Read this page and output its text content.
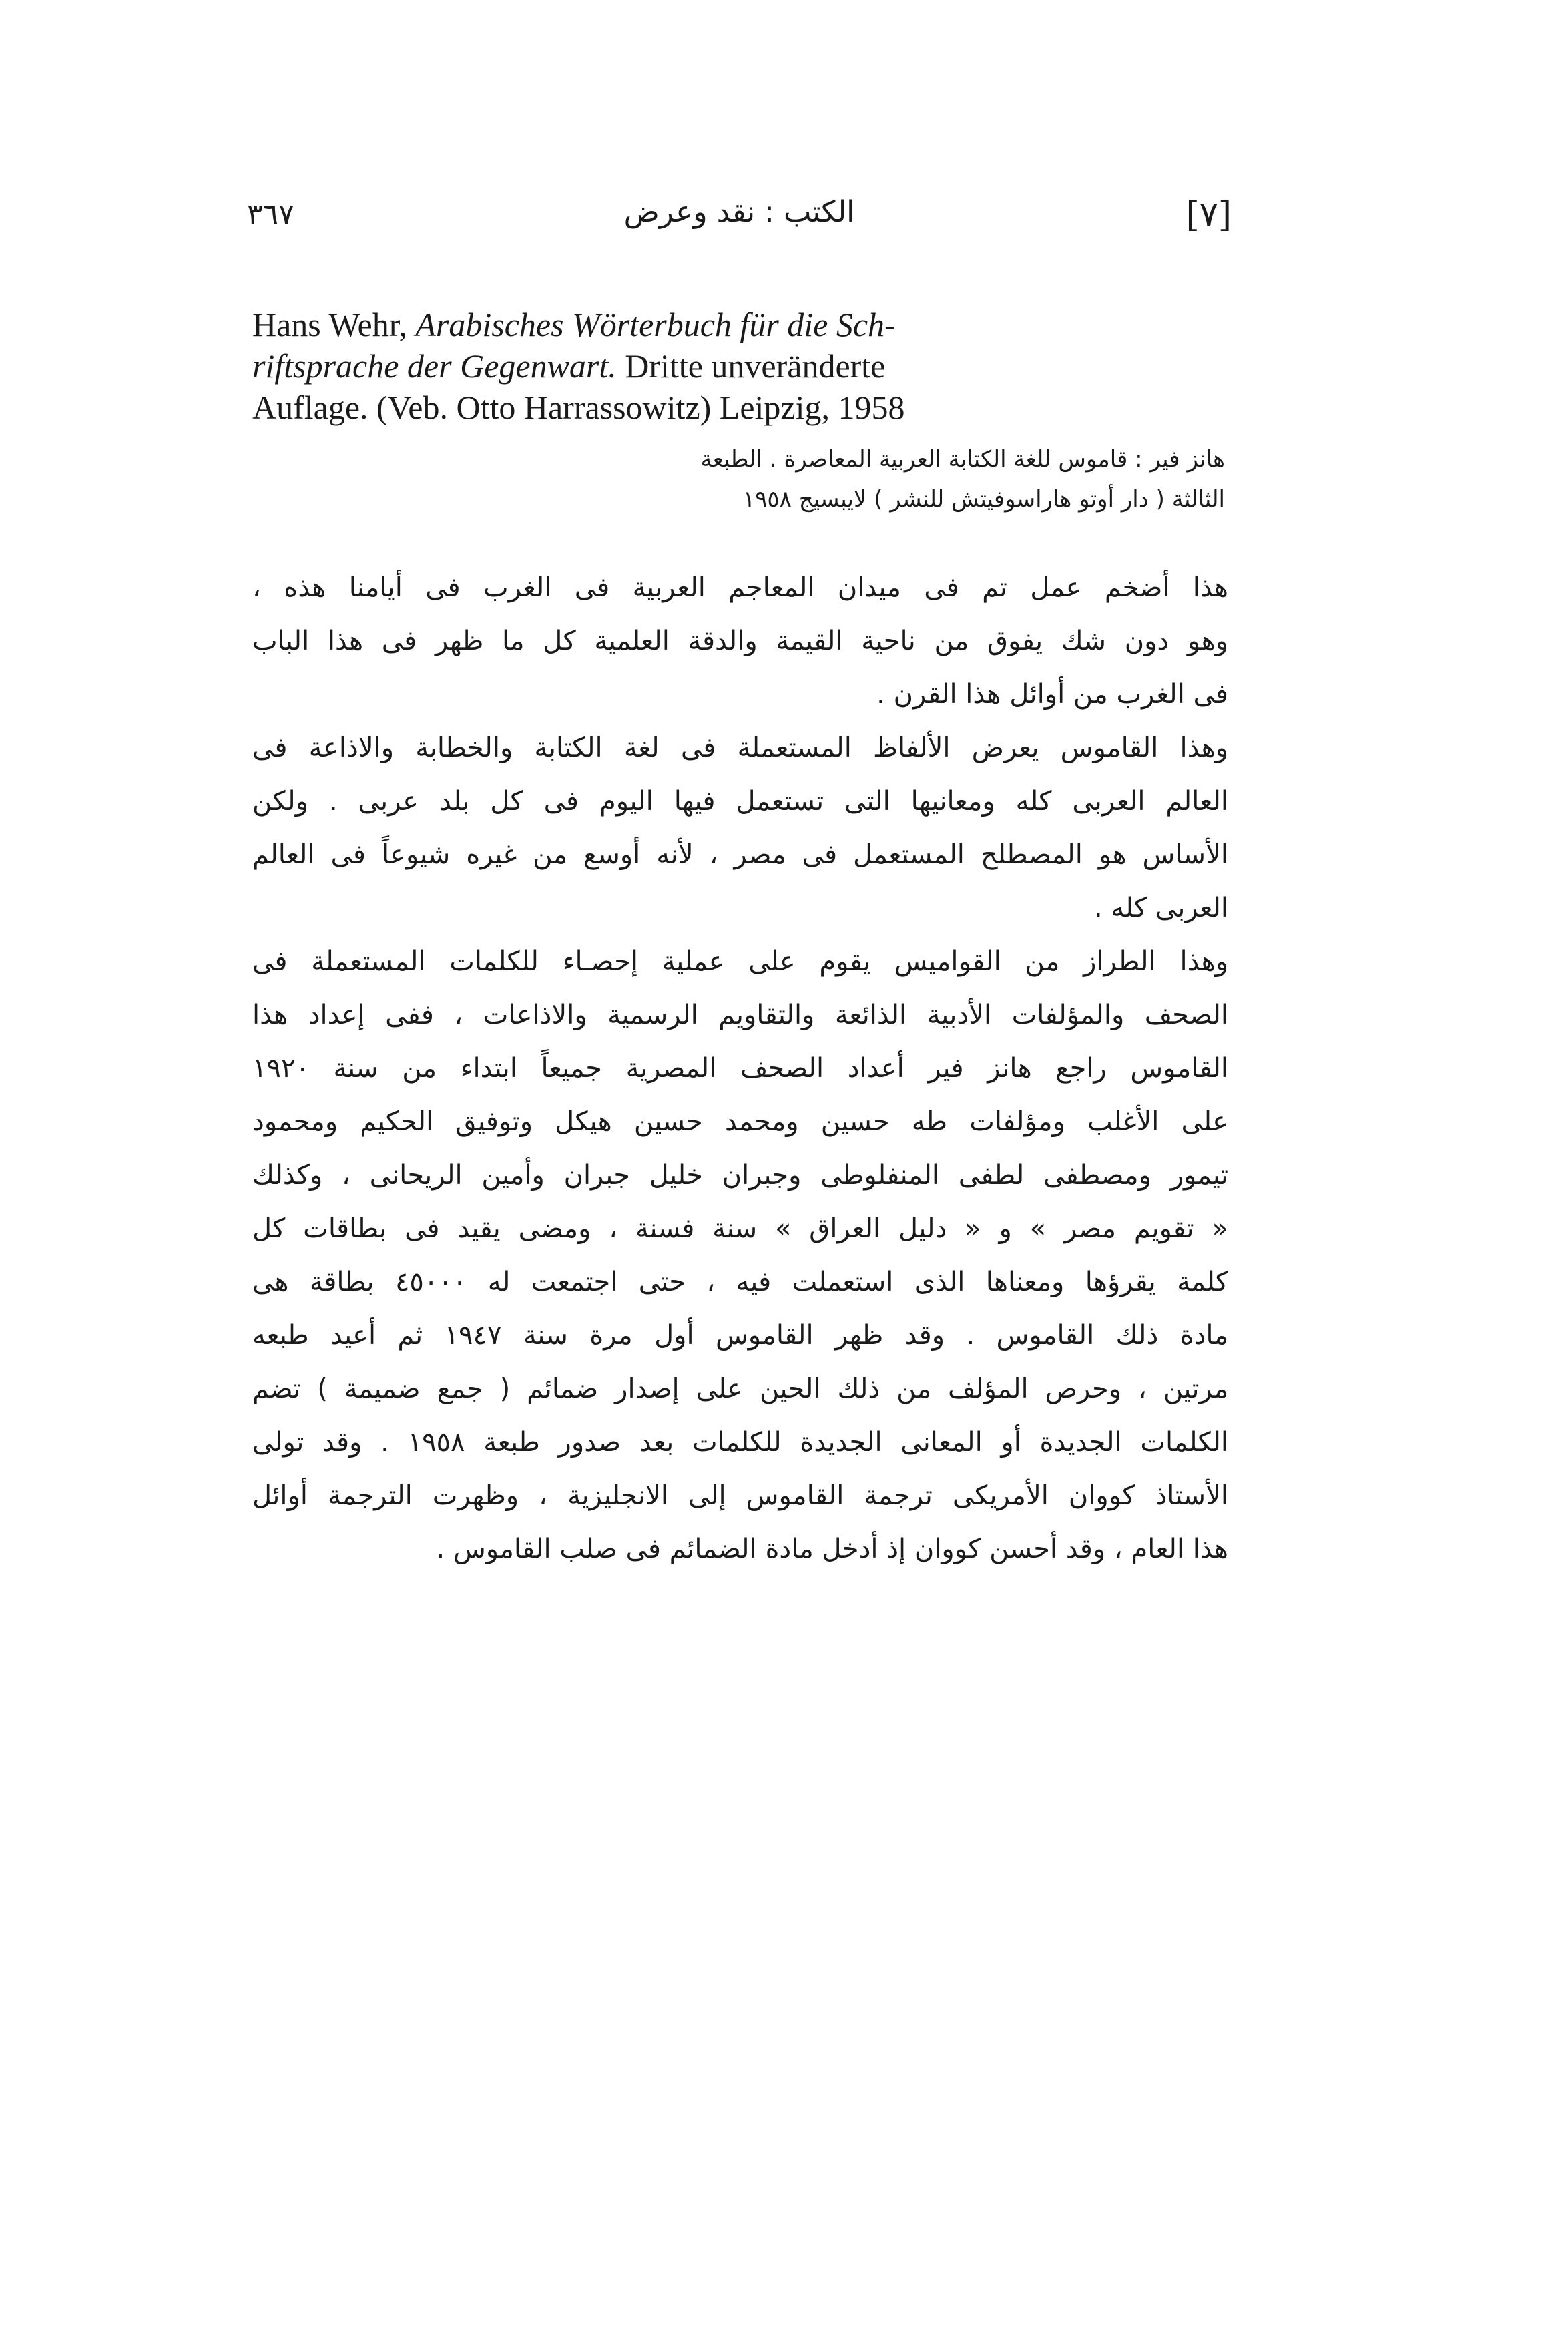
[٧]
الكتب : نقد وعرض
٣٦٧
Hans Wehr, Arabisches Wörterbuch für die Sch-
riftsprache der Gegenwart. Dritte unveränderte
Auflage. (Veb. Otto Harrassowitz) Leipzig, 1958
هانز فير : قاموس للغة الكتابة العربية المعاصرة . الطبعة
الثالثة ( دار أوتو هاراسوفيتش للنشر ) لايبسيج ١٩٥٨
هذا أضخم عمل تم فى ميدان المعاجم العربية فى الغرب فى أيامنا هذه ،
وهو دون شك يفوق من ناحية القيمة والدقة العلمية كل ما ظهر فى هذا الباب
فى الغرب من أوائل هذا القرن .
وهذا القاموس يعرض الألفاظ المستعملة فى لغة الكتابة والخطابة والاذاعة فى
العالم العربى كله ومعانيها التى تستعمل فيها اليوم فى كل بلد عربى . ولكن
الأساس هو المصطلح المستعمل فى مصر ، لأنه أوسع من غيره شيوعاً فى العالم
العربى كله .
وهذا الطراز من القواميس يقوم على عملية إحصـاء للكلمات المستعملة فى
الصحف والمؤلفات الأدبية الذائعة والتقاويم الرسمية والاذاعات ، ففى إعداد هذا
القاموس راجع هانز فير أعداد الصحف المصرية جميعاً ابتداء من سنة ١٩٢٠
على الأغلب ومؤلفات طه حسين ومحمد حسين هيكل وتوفيق الحكيم ومحمود
تيمور ومصطفى لطفى المنفلوطى وجبران خليل جبران وأمين الريحانى ، وكذلك
« تقويم مصر » و « دليل العراق » سنة فسنة ، ومضى يقيد فى بطاقات كل
كلمة يقرؤها ومعناها الذى استعملت فيه ، حتى اجتمعت له ٤٥٠٠٠ بطاقة هى
مادة ذلك القاموس . وقد ظهر القاموس أول مرة سنة ١٩٤٧ ثم أعيد طبعه
مرتين ، وحرص المؤلف من ذلك الحين على إصدار ضمائم ( جمع ضميمة ) تضم
الكلمات الجديدة أو المعانى الجديدة للكلمات بعد صدور طبعة ١٩٥٨ . وقد تولى
الأستاذ كووان الأمريكى ترجمة القاموس إلى الانجليزية ، وظهرت الترجمة أوائل
هذا العام ، وقد أحسن كووان إذ أدخل مادة الضمائم فى صلب القاموس .
